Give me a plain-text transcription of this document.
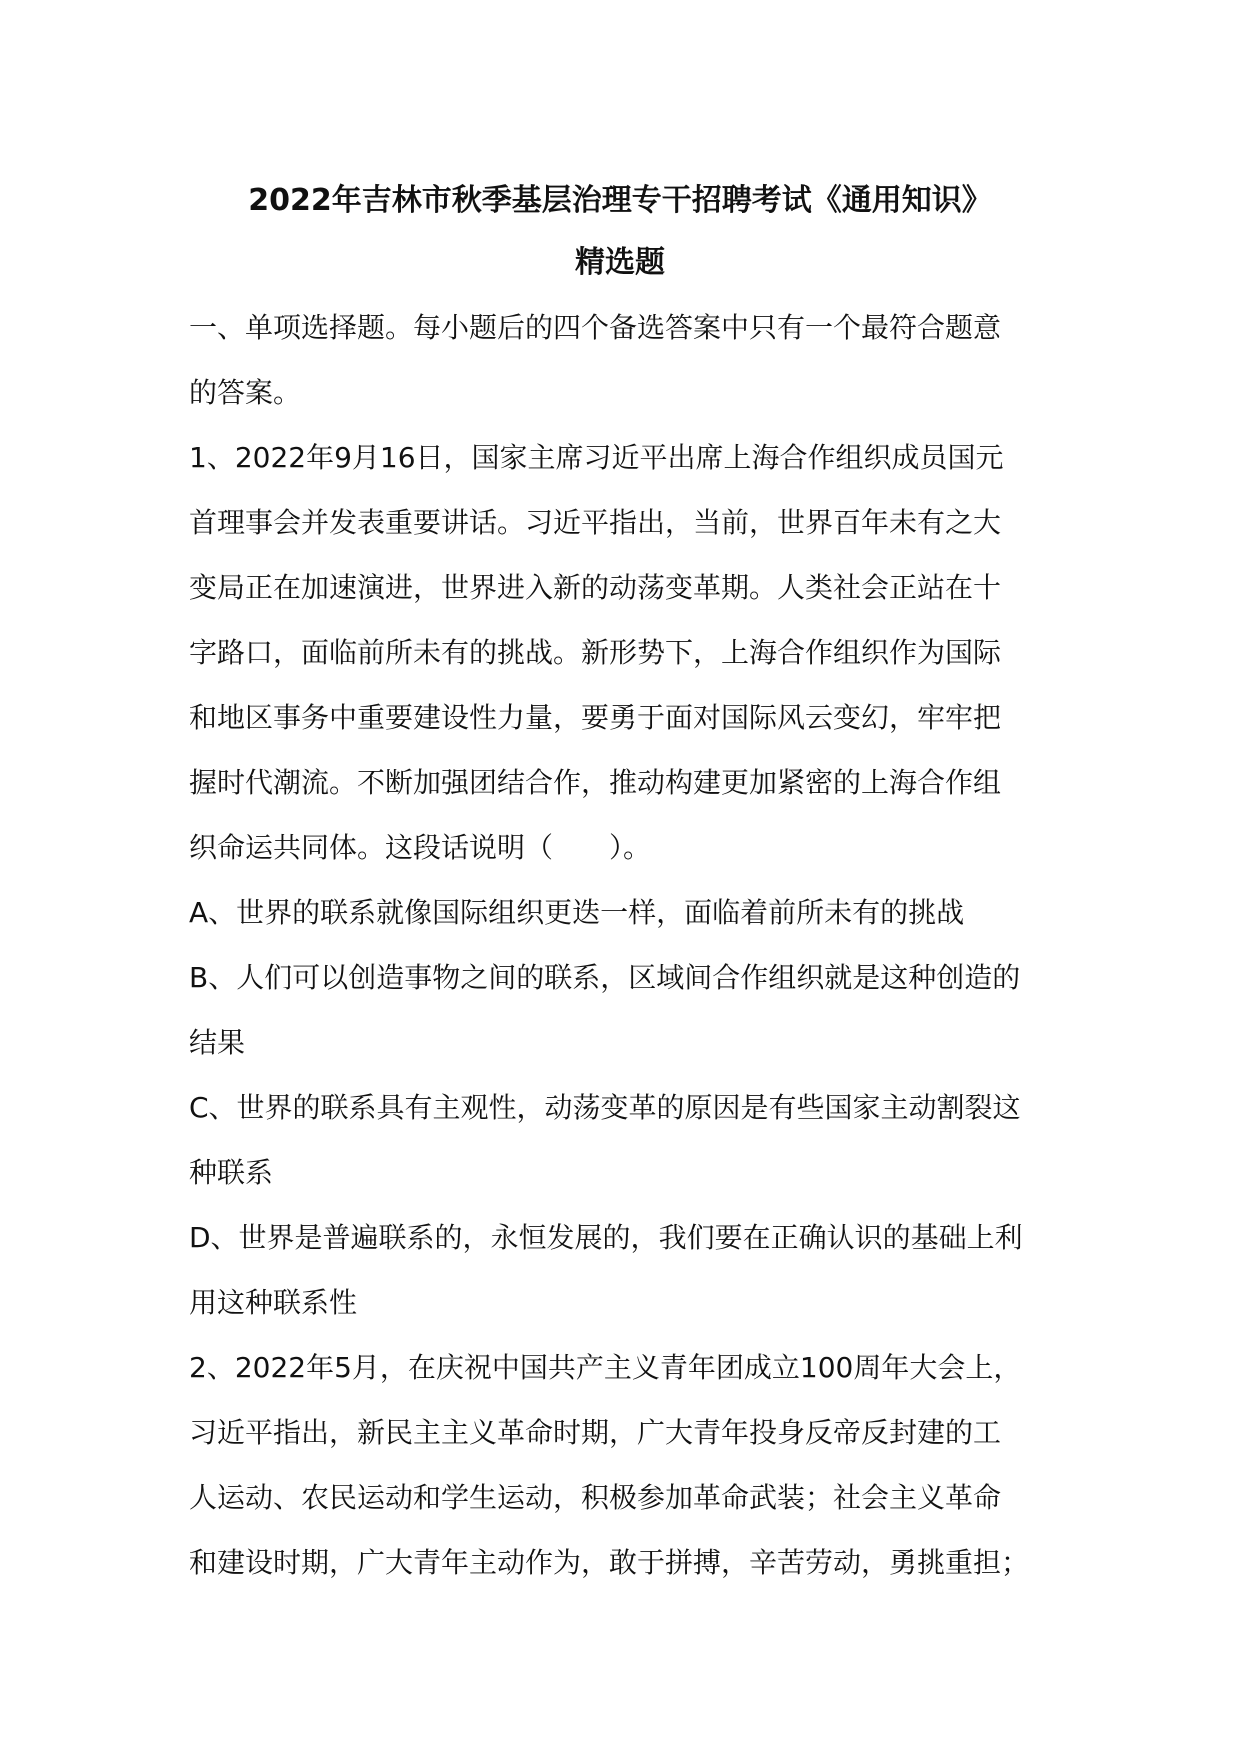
2022年吉林市秋季基层治理专干招聘考试《通用知识》
精选题

一、单项选择题。每小题后的四个备选答案中只有一个最符合题意

的答案。

1、2022年9月16日，国家主席习近平出席上海合作组织成员国元

首理事会并发表重要讲话。习近平指出，当前，世界百年未有之大

变局正在加速演进，世界进入新的动荡变革期。人类社会正站在十

字路口，面临前所未有的挑战。新形势下，上海合作组织作为国际

和地区事务中重要建设性力量，要勇于面对国际风云变幻，牢牢把

握时代潮流。不断加强团结合作，推动构建更加紧密的上海合作组

织命运共同体。这段话说明（　　）。

A、世界的联系就像国际组织更迭一样，面临着前所未有的挑战

B、人们可以创造事物之间的联系，区域间合作组织就是这种创造的

结果

C、世界的联系具有主观性，动荡变革的原因是有些国家主动割裂这

种联系

D、世界是普遍联系的，永恒发展的，我们要在正确认识的基础上利

用这种联系性

2、2022年5月，在庆祝中国共产主义青年团成立100周年大会上，

习近平指出，新民主主义革命时期，广大青年投身反帝反封建的工

人运动、农民运动和学生运动，积极参加革命武装；社会主义革命

和建设时期，广大青年主动作为，敢于拼搏，辛苦劳动，勇挑重担；
